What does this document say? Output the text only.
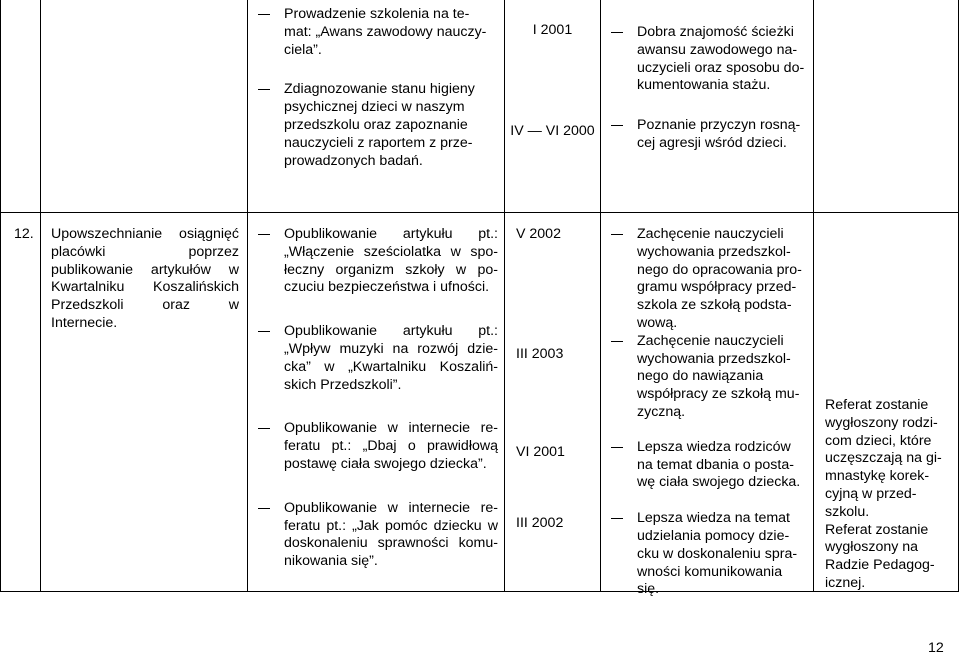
Prowadzenie szkolenia na te-
mat: „Awans zawodowy nauczy-
ciela”.
Zdiagnozowanie stanu higieny
psychicznej dzieci w naszym
przedszkolu oraz zapoznanie
nauczycieli z raportem z prze-
prowadzonych badań.
I 2001
IV — VI 2000
Dobra znajomość ścieżki
awansu zawodowego na-
uczycieli oraz sposobu do-
kumentowania stażu.
Poznanie przyczyn rosną-
cej agresji wśród dzieci.
12. Upowszechnianie osiągnięć placówki poprzez publikowanie artykułów w Kwartalniku Koszalińskich Przedszkoli oraz w Internecie.
Opublikowanie artykułu pt.: „Włączenie sześciolatka w spo-łeczny organizm szkoły w po-czuciu bezpieczeństwa i ufności.
Opublikowanie artykułu pt.: „Wpływ muzyki na rozwój dzie-cka” w „Kwartalniku Koszaliń-skich Przedszkoli”.
Opublikowanie w internecie re-feratu pt.: „Dbaj o prawidłową postawę ciała swojego dziecka”.
Opublikowanie w internecie re-feratu pt.: „Jak pomóc dziecku w doskonaleniu sprawności komu-nikowania się”.
V 2002
III 2003
VI 2001
III 2002
Zachęcenie nauczycieli
wychowania przedszkol-
nego do opracowania pro-
gramu współpracy przed-
szkola ze szkołą podsta-
wową.
Zachęcenie nauczycieli
wychowania przedszkol-
nego do nawiązania
współpracy ze szkołą mu-
zyczną.
Lepsza wiedza rodziców
na temat dbania o posta-
wę ciała swojego dziecka.
Lepsza wiedza na temat
udzielania pomocy dzie-
cku w doskonaleniu spra-
wności komunikowania
się.
Referat zostanie
wygłoszony rodzi-
com dzieci, które
uczęszczają na gi-
mnastykę korek-
cyjną w przed-
szkolu.
Referat zostanie
wygłoszony na
Radzie Pedagog-
icznej.
12
